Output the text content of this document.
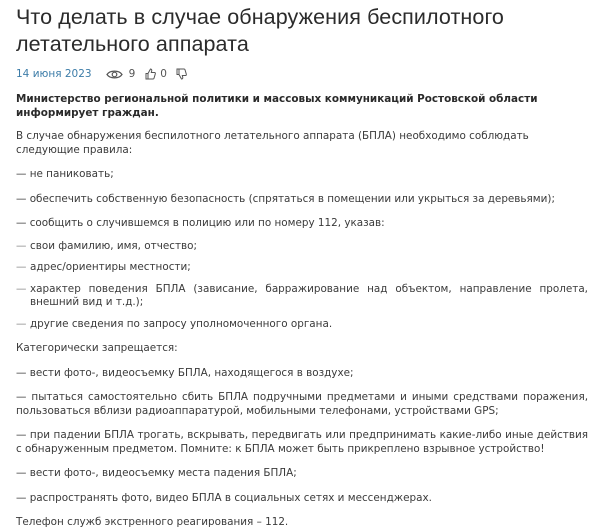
Что делать в случае обнаружения беспилотного летательного аппарата
14 июня 2023	9 0

Министерство региональной политики и массовых коммуникаций Ростовской области информирует граждан.

В случае обнаружения беспилотного летательного аппарата (БПЛА) необходимо соблюдать следующие правила:

— не паниковать;

— обеспечить собственную безопасность (спрятаться в помещении или укрыться за деревьями);

— сообщить о случившемся в полицию или по номеру 112, указав:

— свои фамилию, имя, отчество;
— адрес/ориентиры местности;
— характер поведения БПЛА (зависание, барражирование над объектом, направление пролета, внешний вид и т.д.);
— другие сведения по запросу уполномоченного органа.

Категорически запрещается:

— вести фото-, видеосъемку БПЛА, находящегося в воздухе;

— пытаться самостоятельно сбить БПЛА подручными предметами и иными средствами поражения, пользоваться вблизи радиоаппаратурой, мобильными телефонами, устройствами GPS;

— при падении БПЛА трогать, вскрывать, передвигать или предпринимать какие-либо иные действия с обнаруженным предметом. Помните: к БПЛА может быть прикреплено взрывное устройство!

— вести фото-, видеосъемку места падения БПЛА;

— распространять фото, видео БПЛА в социальных сетях и мессенджерах.

Телефон служб экстренного реагирования – 112.
